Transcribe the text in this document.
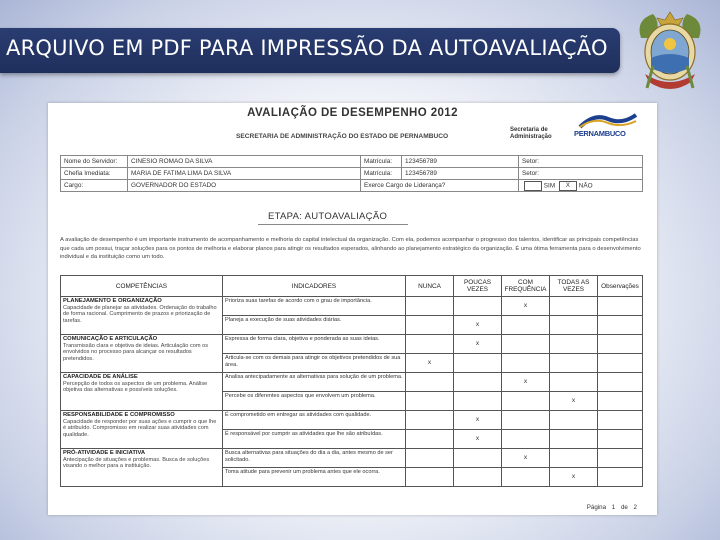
ARQUIVO EM PDF PARA IMPRESSÃO DA AUTOAVALIAÇÃO
AVALIAÇÃO DE DESEMPENHO 2012
SECRETARIA DE ADMINISTRAÇÃO DO ESTADO DE PERNAMBUCO
Secretaria de
Administração	PERNAMBUCO
Nome do Servidor:	CINESIO ROMAO DA SILVA	Matrícula:	123456789	Setor:
Chefia Imediata:	MARIA DE FATIMA LIMA DA SILVA	Matrícula:	123456789	Setor:
Cargo:	GOVERNADOR DO ESTADO	Exerce Cargo de Liderança?		SIM X NÃO
ETAPA: AUTOAVALIAÇÃO
A avaliação de desempenho é um importante instrumento de acompanhamento e melhoria do capital intelectual da organização. Com ela, podemos acompanhar o progresso dos talentos, identificar as principais competências que cada um possui, traçar soluções para os pontos de melhoria e elaborar planos para atingir os resultados esperados, alinhando ao planejamento estratégico da organização. É uma ótima ferramenta para o desenvolvimento individual e da instituição como um todo.
COMPETÊNCIAS	INDICADORES	NUNCA	POUCAS VEZES	COM FREQUÊNCIA	TODAS AS VEZES	Observações

PLANEJAMENTO E ORGANIZAÇÃO
Capacidade de planejar as atividades. Ordenação do trabalho de forma racional. Cumprimento de prazos e priorização de tarefas.	Prioriza suas tarefas de acordo com o grau de importância.			x		
	Planeja a execução de suas atividades diárias.		x			

COMUNICAÇÃO E ARTICULAÇÃO
Transmissão clara e objetiva de ideias. Articulação com os envolvidos no processo para alcançar os resultados pretendidos.	Expressa de forma clara, objetiva e ponderada as suas ideias.		x			
	Articula-se com os demais para atingir os objetivos pretendidos de sua área.	x				

CAPACIDADE DE ANÁLISE
Percepção de todos os aspectos de um problema. Análise objetiva das alternativas e possíveis soluções.	Analisa antecipadamente as alternativas para solução de um problema.			x		
	Percebe os diferentes aspectos que envolvem um problema.				x	

RESPONSABILIDADE E COMPROMISSO
Capacidade de responder por suas ações e cumprir o que lhe é atribuído. Compromisso em realizar suas atividades com qualidade.	É comprometido em entregar as atividades com qualidade.		x			
	É responsável por cumprir as atividades que lhe são atribuídas.		x			

PRÓ-ATIVIDADE E INICIATIVA
Antecipação de situações e problemas. Busca de soluções visando o melhor para a instituição.	Busca alternativas para situações do dia a dia, antes mesmo de ser solicitado.			x		
	Toma atitude para prevenir um problema antes que ele ocorra.				x	
Página 1 de 2
